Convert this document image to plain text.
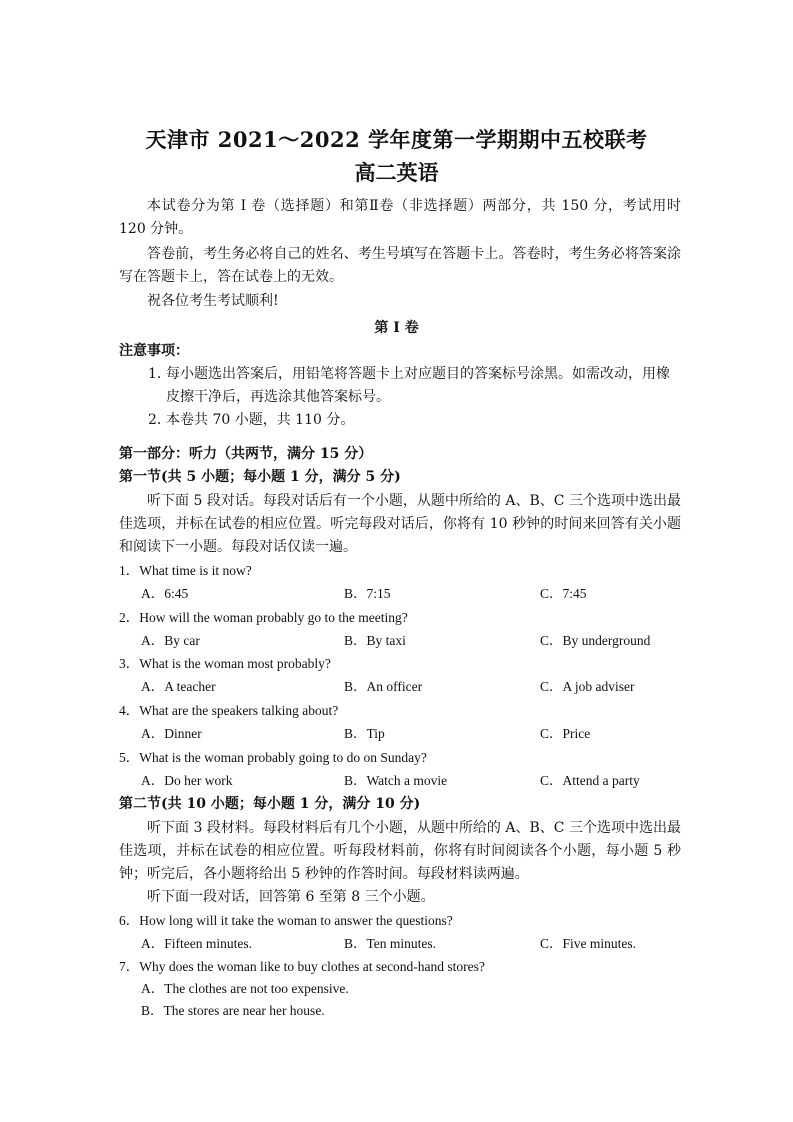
天津市 2021～2022 学年度第一学期期中五校联考
高二英语
本试卷分为第 I 卷（选择题）和第Ⅱ卷（非选择题）两部分，共 150 分，考试用时 120 分钟。
答卷前，考生务必将自己的姓名、考生号填写在答题卡上。答卷时，考生务必将答案涂写在答题卡上，答在试卷上的无效。
祝各位考生考试顺利!
第 I 卷
注意事项：
1．
每小题选出答案后，用铅笔将答题卡上对应题目的答案标号涂黑。如需改动，用橡皮擦干净后，再选涂其他答案标号。
2．
本卷共 70 小题，共 110 分。
第一部分：听力（共两节，满分 15 分）
第一节(共 5 小题；每小题 1 分，满分 5 分)
听下面 5 段对话。每段对话后有一个小题，从题中所给的 A、B、C 三个选项中选出最佳选项，并标在试卷的相应位置。听完每段对话后，你将有 10 秒钟的时间来回答有关小题和阅读下一小题。每段对话仅读一遍。
1．What time is it now?
A．6:45	B．7:15	C．7:45
2．How will the woman probably go to the meeting?
A．By car	B．By taxi	C．By underground
3．What is the woman most probably?
A．A teacher	B．An officer	C．A job adviser
4．What are the speakers talking about?
A．Dinner	B．Tip	C．Price
5．What is the woman probably going to do on Sunday?
A．Do her work	B．Watch a movie	C．Attend a party
第二节(共 10 小题；每小题 1 分，满分 10 分)
听下面 3 段材料。每段材料后有几个小题，从题中所给的 A、B、C 三个选项中选出最佳选项，并标在试卷的相应位置。听每段材料前，你将有时间阅读各个小题，每小题 5 秒钟；听完后，各小题将给出 5 秒钟的作答时间。每段材料读两遍。
听下面一段对话，回答第 6 至第 8 三个小题。
6．How long will it take the woman to answer the questions?
A．Fifteen minutes.	B．Ten minutes.	C．Five minutes.
7．Why does the woman like to buy clothes at second-hand stores?
A．The clothes are not too expensive.
B．The stores are near her house.
